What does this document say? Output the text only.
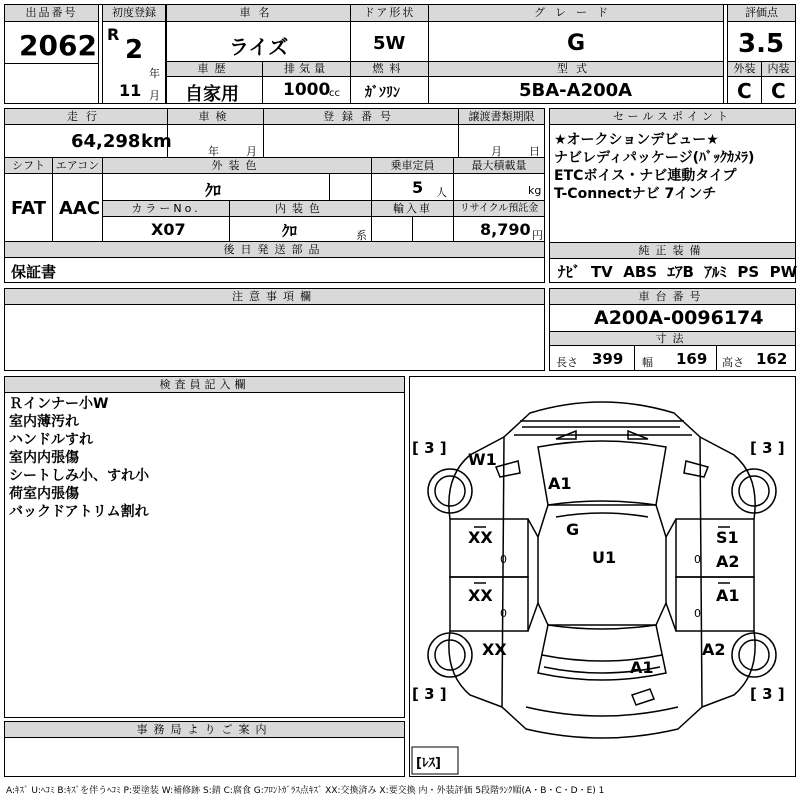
出品番号
2062
初度登録
R
2
年
11 月
車名
ライズ
車歴
自家用
排気量
1000
cc
ドア形状
5W
燃料
ｶﾞｿﾘﾝ
グレード
G
型式
5BA-A200A
評価点
3.5
外装
C
内装
C
走行
64,298 km
車検
年 月
登録番号	譲渡書類期限
月 日
シフト
FAT
エアコン
AAC
外装色
ｸﾛ
乗車定員
5 人
最大積載量
kg
カラーNo.
X07
内装色
ｸﾛ	系
輸入車	リサイクル預託金
8,790 円
後日発送部品
保証書
セールスポイント
★オークションデビュー★
ナビレディパッケージ(ﾊﾞｯｸｶﾒﾗ)
ETCボイス・ナビ連動タイプ
T-Connectナビ 7インチ
純正装備
ﾅﾋﾞ  TV  ABS  ｴｱB  ｱﾙﾐ  PS  PW
注意事項欄	車台番号
A200A-0096174
寸法
長さ 399 幅 169 高さ 162
検査員記入欄
Ｒインナー小W
室内薄汚れ
ハンドルすれ
室内内張傷
シートしみ小、すれ小
荷室内張傷
バックドアトリム割れ
事務局よりご案内
[ 3 ]	[ 3 ]
[ 3 ]	[ 3 ]
[ﾚｽ]
W1
A1
G
U1
XX
XX
XX
S1
A2
A1
A2
A1
0
0
0
0
A:ｷｽﾞ U:ﾍｺﾐ B:ｷｽﾞを伴うﾍｺﾐ P:要塗装 W:補修跡 S:錆 C:腐食 G:ﾌﾛﾝﾄｶﾞﾗｽ点ｷｽﾞ XX:交換済み X:要交換 内・外装評価 5段階ﾗﾝｸ順(A・B・C・D・E) 1
